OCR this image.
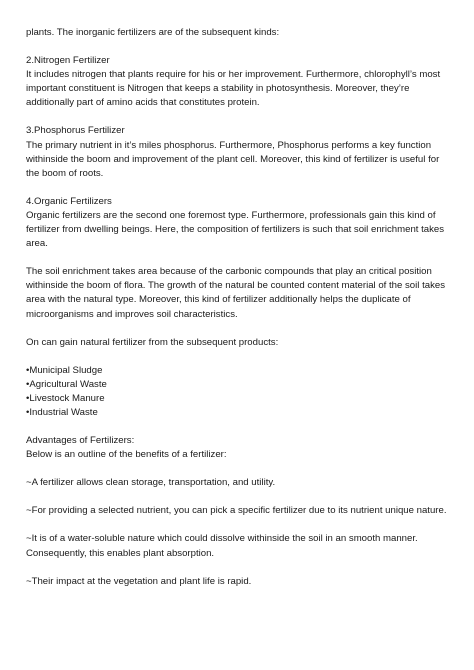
plants. The inorganic fertilizers are of the subsequent kinds:

2.Nitrogen Fertilizer

It includes nitrogen that plants require for his or her improvement. Furthermore, chlorophyll’s most important constituent is Nitrogen that keeps a stability in photosynthesis. Moreover, they’re additionally part of amino acids that constitutes protein.

3.Phosphorus Fertilizer

The primary nutrient in it’s miles phosphorus. Furthermore, Phosphorus performs a key function withinside the boom and improvement of the plant cell. Moreover, this kind of fertilizer is useful for the boom of roots.

4.Organic Fertilizers

Organic fertilizers are the second one foremost type. Furthermore, professionals gain this kind of fertilizer from dwelling beings. Here, the composition of fertilizers is such that soil enrichment takes area.

The soil enrichment takes area because of the carbonic compounds that play an critical position withinside the boom of flora. The growth of the natural be counted content material of the soil takes area with the natural type. Moreover, this kind of fertilizer additionally helps the duplicate of microorganisms and improves soil characteristics.

On can gain natural fertilizer from the subsequent products:

•Municipal Sludge
•Agricultural Waste
•Livestock Manure
•Industrial Waste

Advantages of Fertilizers:

Below is an outline of the benefits of a fertilizer:

~A fertilizer allows clean storage, transportation, and utility.

~For providing a selected nutrient, you can pick a specific fertilizer due to its nutrient unique nature.

~It is of a water-soluble nature which could dissolve withinside the soil in an smooth manner. Consequently, this enables plant absorption.

~Their impact at the vegetation and plant life is rapid.
